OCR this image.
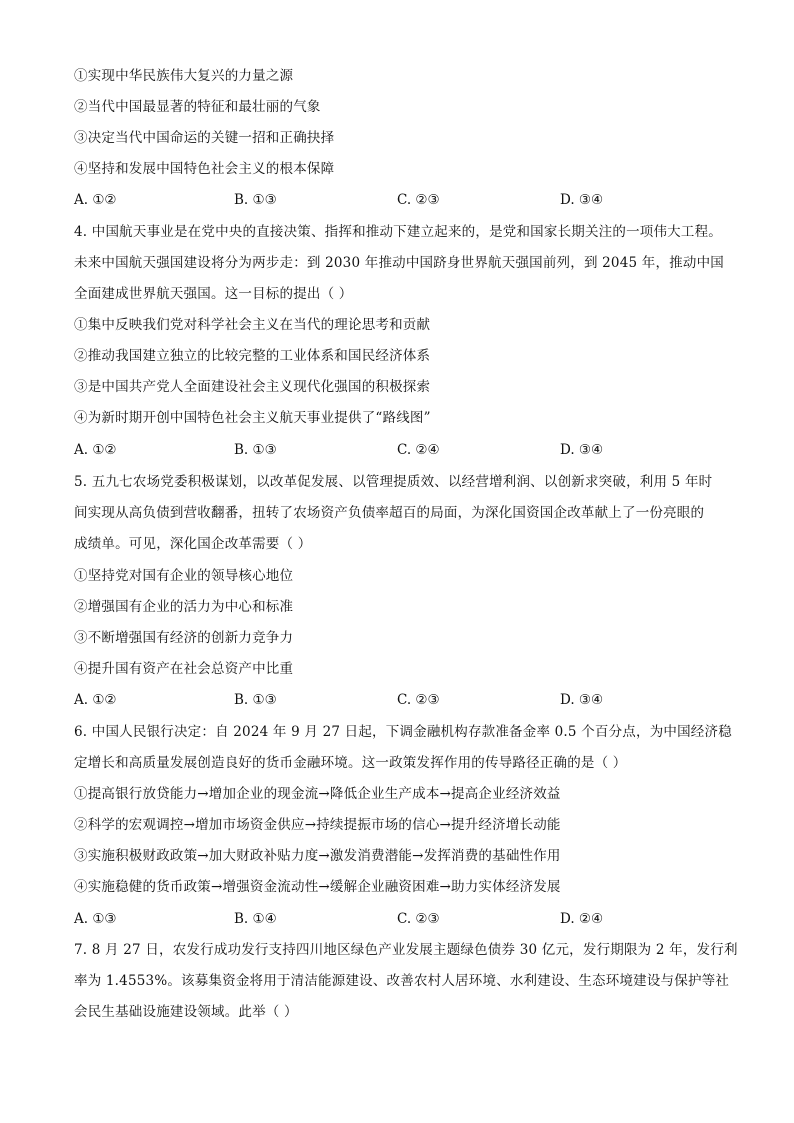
①实现中华民族伟大复兴的力量之源
②当代中国最显著的特征和最壮丽的气象
③决定当代中国命运的关键一招和正确抉择
④坚持和发展中国特色社会主义的根本保障
A. ①②	B. ①③	C. ②③	D. ③④
4. 中国航天事业是在党中央的直接决策、指挥和推动下建立起来的，是党和国家长期关注的一项伟大工程。
未来中国航天强国建设将分为两步走：到 2030 年推动中国跻身世界航天强国前列，到 2045 年，推动中国
全面建成世界航天强国。这一目标的提出（ ）
①集中反映我们党对科学社会主义在当代的理论思考和贡献
②推动我国建立独立的比较完整的工业体系和国民经济体系
③是中国共产党人全面建设社会主义现代化强国的积极探索
④为新时期开创中国特色社会主义航天事业提供了“路线图”
A. ①②	B. ①③	C. ②④	D. ③④
5. 五九七农场党委积极谋划，以改革促发展、以管理提质效、以经营增利润、以创新求突破，利用 5 年时
间实现从高负债到营收翻番，扭转了农场资产负债率超百的局面，为深化国资国企改革献上了一份亮眼的
成绩单。可见，深化国企改革需要（ ）
①坚持党对国有企业的领导核心地位
②增强国有企业的活力为中心和标准
③不断增强国有经济的创新力竞争力
④提升国有资产在社会总资产中比重
A. ①②	B. ①③	C. ②③	D. ③④
6. 中国人民银行决定：自 2024 年 9 月 27 日起，下调金融机构存款准备金率 0.5 个百分点，为中国经济稳
定增长和高质量发展创造良好的货币金融环境。这一政策发挥作用的传导路径正确的是（ ）
①提高银行放贷能力→增加企业的现金流→降低企业生产成本→提高企业经济效益
②科学的宏观调控→增加市场资金供应→持续提振市场的信心→提升经济增长动能
③实施积极财政政策→加大财政补贴力度→激发消费潜能→发挥消费的基础性作用
④实施稳健的货币政策→增强资金流动性→缓解企业融资困难→助力实体经济发展
A. ①③	B. ①④	C. ②③	D. ②④
7. 8 月 27 日，农发行成功发行支持四川地区绿色产业发展主题绿色债券 30 亿元，发行期限为 2 年，发行利
率为 1.4553%。该募集资金将用于清洁能源建设、改善农村人居环境、水利建设、生态环境建设与保护等社
会民生基础设施建设领域。此举（ ）
